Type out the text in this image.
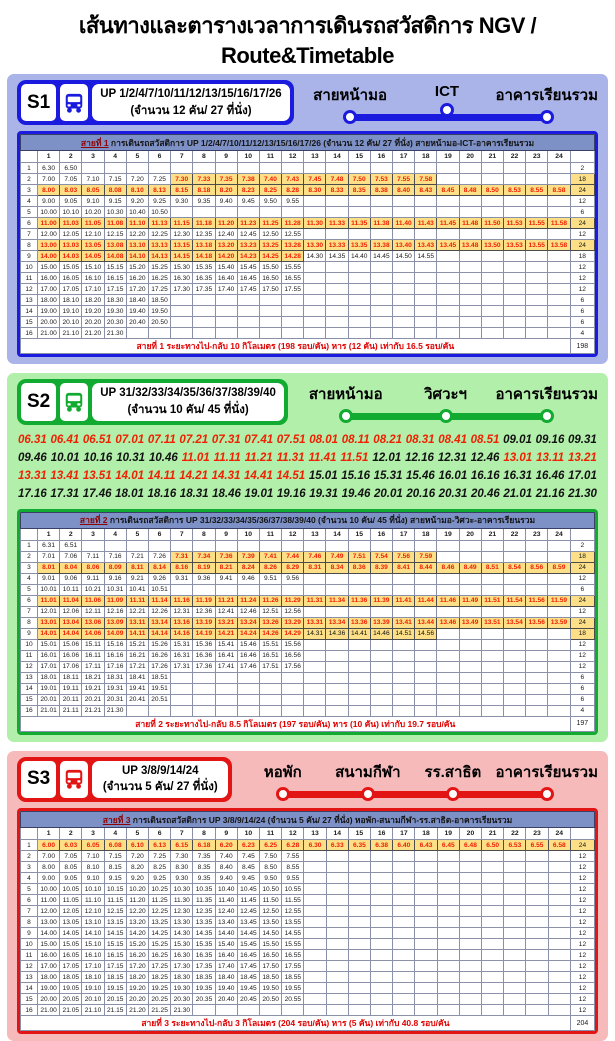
เส้นทางและตารางเวลาการเดินรถสวัสดิการ NGV / Route&Timetable
S1	UP 1/2/4/7/10/11/12/13/15/16/17/26
(จำนวน 12 คัน/ 27 ที่นั่ง)
สายหน้ามอ	ICT อาคารเรียนรวม
สายที่ 1 การเดินรถสวัสดิการ UP 1/2/4/7/10/11/12/13/15/16/17/26 (จำนวน 12 คัน/ 27 ที่นั่ง) สายหน้ามอ-ICT-อาคารเรียนรวม																									
	1	2	3	4	5	6	7	8	9	10	11	12	13	14	15	16	17	18	19	20	21	22	23	24	
1	6.30	6.50																							2
2	7.00	7.05	7.10	7.15	7.20	7.25	7.30	7.33	7.35	7.38	7.40	7.43	7.45	7.48	7.50	7.53	7.55	7.58							18
3	8.00	8.03	8.05	8.08	8.10	8.13	8.15	8.18	8.20	8.23	8.25	8.28	8.30	8.33	8.35	8.38	8.40	8.43	8.45	8.48	8.50	8.53	8.55	8.58	24
4	9.00	9.05	9.10	9.15	9.20	9.25	9.30	9.35	9.40	9.45	9.50	9.55													12
5	10.00	10.10	10.20	10.30	10.40	10.50																			6
6	11.00	11.03	11.05	11.08	11.10	11.13	11.15	11.18	11.20	11.23	11.25	11.28	11.30	11.33	11.35	11.38	11.40	11.43	11.45	11.48	11.50	11.53	11.55	11.58	24
7	12.00	12.05	12.10	12.15	12.20	12.25	12.30	12.35	12.40	12.45	12.50	12.55													12
8	13.00	13.03	13.05	13.08	13.10	13.13	13.15	13.18	13.20	13.23	13.25	13.28	13.30	13.33	13.35	13.38	13.40	13.43	13.45	13.48	13.50	13.53	13.55	13.58	24
9	14.00	14.03	14.05	14.08	14.10	14.13	14.15	14.18	14.20	14.23	14.25	14.28	14.30	14.35	14.40	14.45	14.50	14.55							18
10	15.00	15.05	15.10	15.15	15.20	15.25	15.30	15.35	15.40	15.45	15.50	15.55													12
11	16.00	16.05	16.10	16.15	16.20	16.25	16.30	16.35	16.40	16.45	16.50	16.55													12
12	17.00	17.05	17.10	17.15	17.20	17.25	17.30	17.35	17.40	17.45	17.50	17.55													12
13	18.00	18.10	18.20	18.30	18.40	18.50																			6
14	19.00	19.10	19.20	19.30	19.40	19.50																			6
15	20.00	20.10	20.20	20.30	20.40	20.50																			6
16	21.00	21.10	21.20	21.30																					4
สายที่ 1 ระยะทางไป-กลับ 10 กิโลเมตร (198 รอบ/คัน) หาร (12 คัน) เท่ากับ 16.5 รอบ/คัน																									198
S2	UP 31/32/33/34/35/36/37/38/39/40
(จำนวน 10 คัน/ 45 ที่นั่ง)
สายหน้ามอ	วิศวะฯ อาคารเรียนรวม
06.31 06.41 06.51 07.01 07.11 07.21 07.31 07.41 07.51 08.01 08.11 08.21 08.31 08.41 08.51 09.01 09.16 09.31
09.46 10.01 10.16 10.31 10.46 11.01 11.11 11.21 11.31 11.41 11.51 12.01 12.16 12.31 12.46 13.01 13.11 13.21
13.31 13.41 13.51 14.01 14.11 14.21 14.31 14.41 14.51 15.01 15.16 15.31 15.46 16.01 16.16 16.31 16.46 17.01
17.16 17.31 17.46 18.01 18.16 18.31 18.46 19.01 19.16 19.31 19.46 20.01 20.16 20.31 20.46 21.01 21.16 21.30
สายที่ 2 การเดินรถสวัสดิการ UP 31/32/33/34/35/36/37/38/39/40 (จำนวน 10 คัน/ 45 ที่นั่ง) สายหน้ามอ-วิศวะ-อาคารเรียนรวม																									
	1	2	3	4	5	6	7	8	9	10	11	12	13	14	15	16	17	18	19	20	21	22	23	24	
1	6.31	6.51																							2
2	7.01	7.06	7.11	7.16	7.21	7.26	7.31	7.34	7.36	7.39	7.41	7.44	7.46	7.49	7.51	7.54	7.56	7.59							18
3	8.01	8.04	8.06	8.09	8.11	8.14	8.16	8.19	8.21	8.24	8.26	8.29	8.31	8.34	8.36	8.39	8.41	8.44	8.46	8.49	8.51	8.54	8.56	8.59	24
4	9.01	9.06	9.11	9.16	9.21	9.26	9.31	9.36	9.41	9.46	9.51	9.56													12
5	10.01	10.11	10.21	10.31	10.41	10.51																			6
6	11.01	11.04	11.06	11.09	11.11	11.14	11.16	11.19	11.21	11.24	11.26	11.29	11.31	11.34	11.36	11.39	11.41	11.44	11.46	11.49	11.51	11.54	11.56	11.59	24
7	12.01	12.06	12.11	12.16	12.21	12.26	12.31	12.36	12.41	12.46	12.51	12.56													12
8	13.01	13.04	13.06	13.09	13.11	13.14	13.16	13.19	13.21	13.24	13.26	13.29	13.31	13.34	13.36	13.39	13.41	13.44	13.46	13.49	13.51	13.54	13.56	13.59	24
9	14.01	14.04	14.06	14.09	14.11	14.14	14.16	14.19	14.21	14.24	14.26	14.29	14.31	14.36	14.41	14.46	14.51	14.56							18
10	15.01	15.06	15.11	15.16	15.21	15.26	15.31	15.36	15.41	15.46	15.51	15.56													12
11	16.01	16.06	16.11	16.16	16.21	16.26	16.31	16.36	16.41	16.46	16.51	16.56													12
12	17.01	17.06	17.11	17.16	17.21	17.26	17.31	17.36	17.41	17.46	17.51	17.56													12
13	18.01	18.11	18.21	18.31	18.41	18.51																			6
14	19.01	19.11	19.21	19.31	19.41	19.51																			6
15	20.01	20.11	20.21	20.31	20.41	20.51																			6
16	21.01	21.11	21.21	21.30																					4
สายที่ 2 ระยะทางไป-กลับ 8.5 กิโลเมตร (197 รอบ/คัน) หาร (10 คัน) เท่ากับ 19.7 รอบ/คัน																									197
S3	UP 3/8/9/14/24
(จำนวน 5 คัน/ 27 ที่นั่ง)
หอพัก สนามกีฬา รร.สาธิต อาคารเรียนรวม
สายที่ 3 การเดินรถสวัสดิการ UP 3/8/9/14/24 (จำนวน 5 คัน/ 27 ที่นั่ง) หอพัก-สนามกีฬา-รร.สาธิต-อาคารเรียนรวม																									
	1	2	3	4	5	6	7	8	9	10	11	12	13	14	15	16	17	18	19	20	21	22	23	24	
1	6.00	6.03	6.05	6.08	6.10	6.13	6.15	6.18	6.20	6.23	6.25	6.28	6.30	6.33	6.35	6.38	6.40	6.43	6.45	6.48	6.50	6.53	6.55	6.58	24
2	7.00	7.05	7.10	7.15	7.20	7.25	7.30	7.35	7.40	7.45	7.50	7.55													12
3	8.00	8.05	8.10	8.15	8.20	8.25	8.30	8.35	8.40	8.45	8.50	8.55													12
4	9.00	9.05	9.10	9.15	9.20	9.25	9.30	9.35	9.40	9.45	9.50	9.55													12
5	10.00	10.05	10.10	10.15	10.20	10.25	10.30	10.35	10.40	10.45	10.50	10.55													12
6	11.00	11.05	11.10	11.15	11.20	11.25	11.30	11.35	11.40	11.45	11.50	11.55													12
7	12.00	12.05	12.10	12.15	12.20	12.25	12.30	12.35	12.40	12.45	12.50	12.55													12
8	13.00	13.05	13.10	13.15	13.20	13.25	13.30	13.35	13.40	13.45	13.50	13.55													12
9	14.00	14.05	14.10	14.15	14.20	14.25	14.30	14.35	14.40	14.45	14.50	14.55													12
10	15.00	15.05	15.10	15.15	15.20	15.25	15.30	15.35	15.40	15.45	15.50	15.55													12
11	16.00	16.05	16.10	16.15	16.20	16.25	16.30	16.35	16.40	16.45	16.50	16.55													12
12	17.00	17.05	17.10	17.15	17.20	17.25	17.30	17.35	17.40	17.45	17.50	17.55													12
13	18.00	18.05	18.10	18.15	18.20	18.25	18.30	18.35	18.40	18.45	18.50	18.55													12
14	19.00	19.05	19.10	19.15	19.20	19.25	19.30	19.35	19.40	19.45	19.50	19.55													12
15	20.00	20.05	20.10	20.15	20.20	20.25	20.30	20.35	20.40	20.45	20.50	20.55													12
16	21.00	21.05	21.10	21.15	21.20	21.25	21.30																		12
สายที่ 3 ระยะทางไป-กลับ 3 กิโลเมตร (204 รอบ/คัน) หาร (5 คัน) เท่ากับ 40.8 รอบ/คัน																									204
